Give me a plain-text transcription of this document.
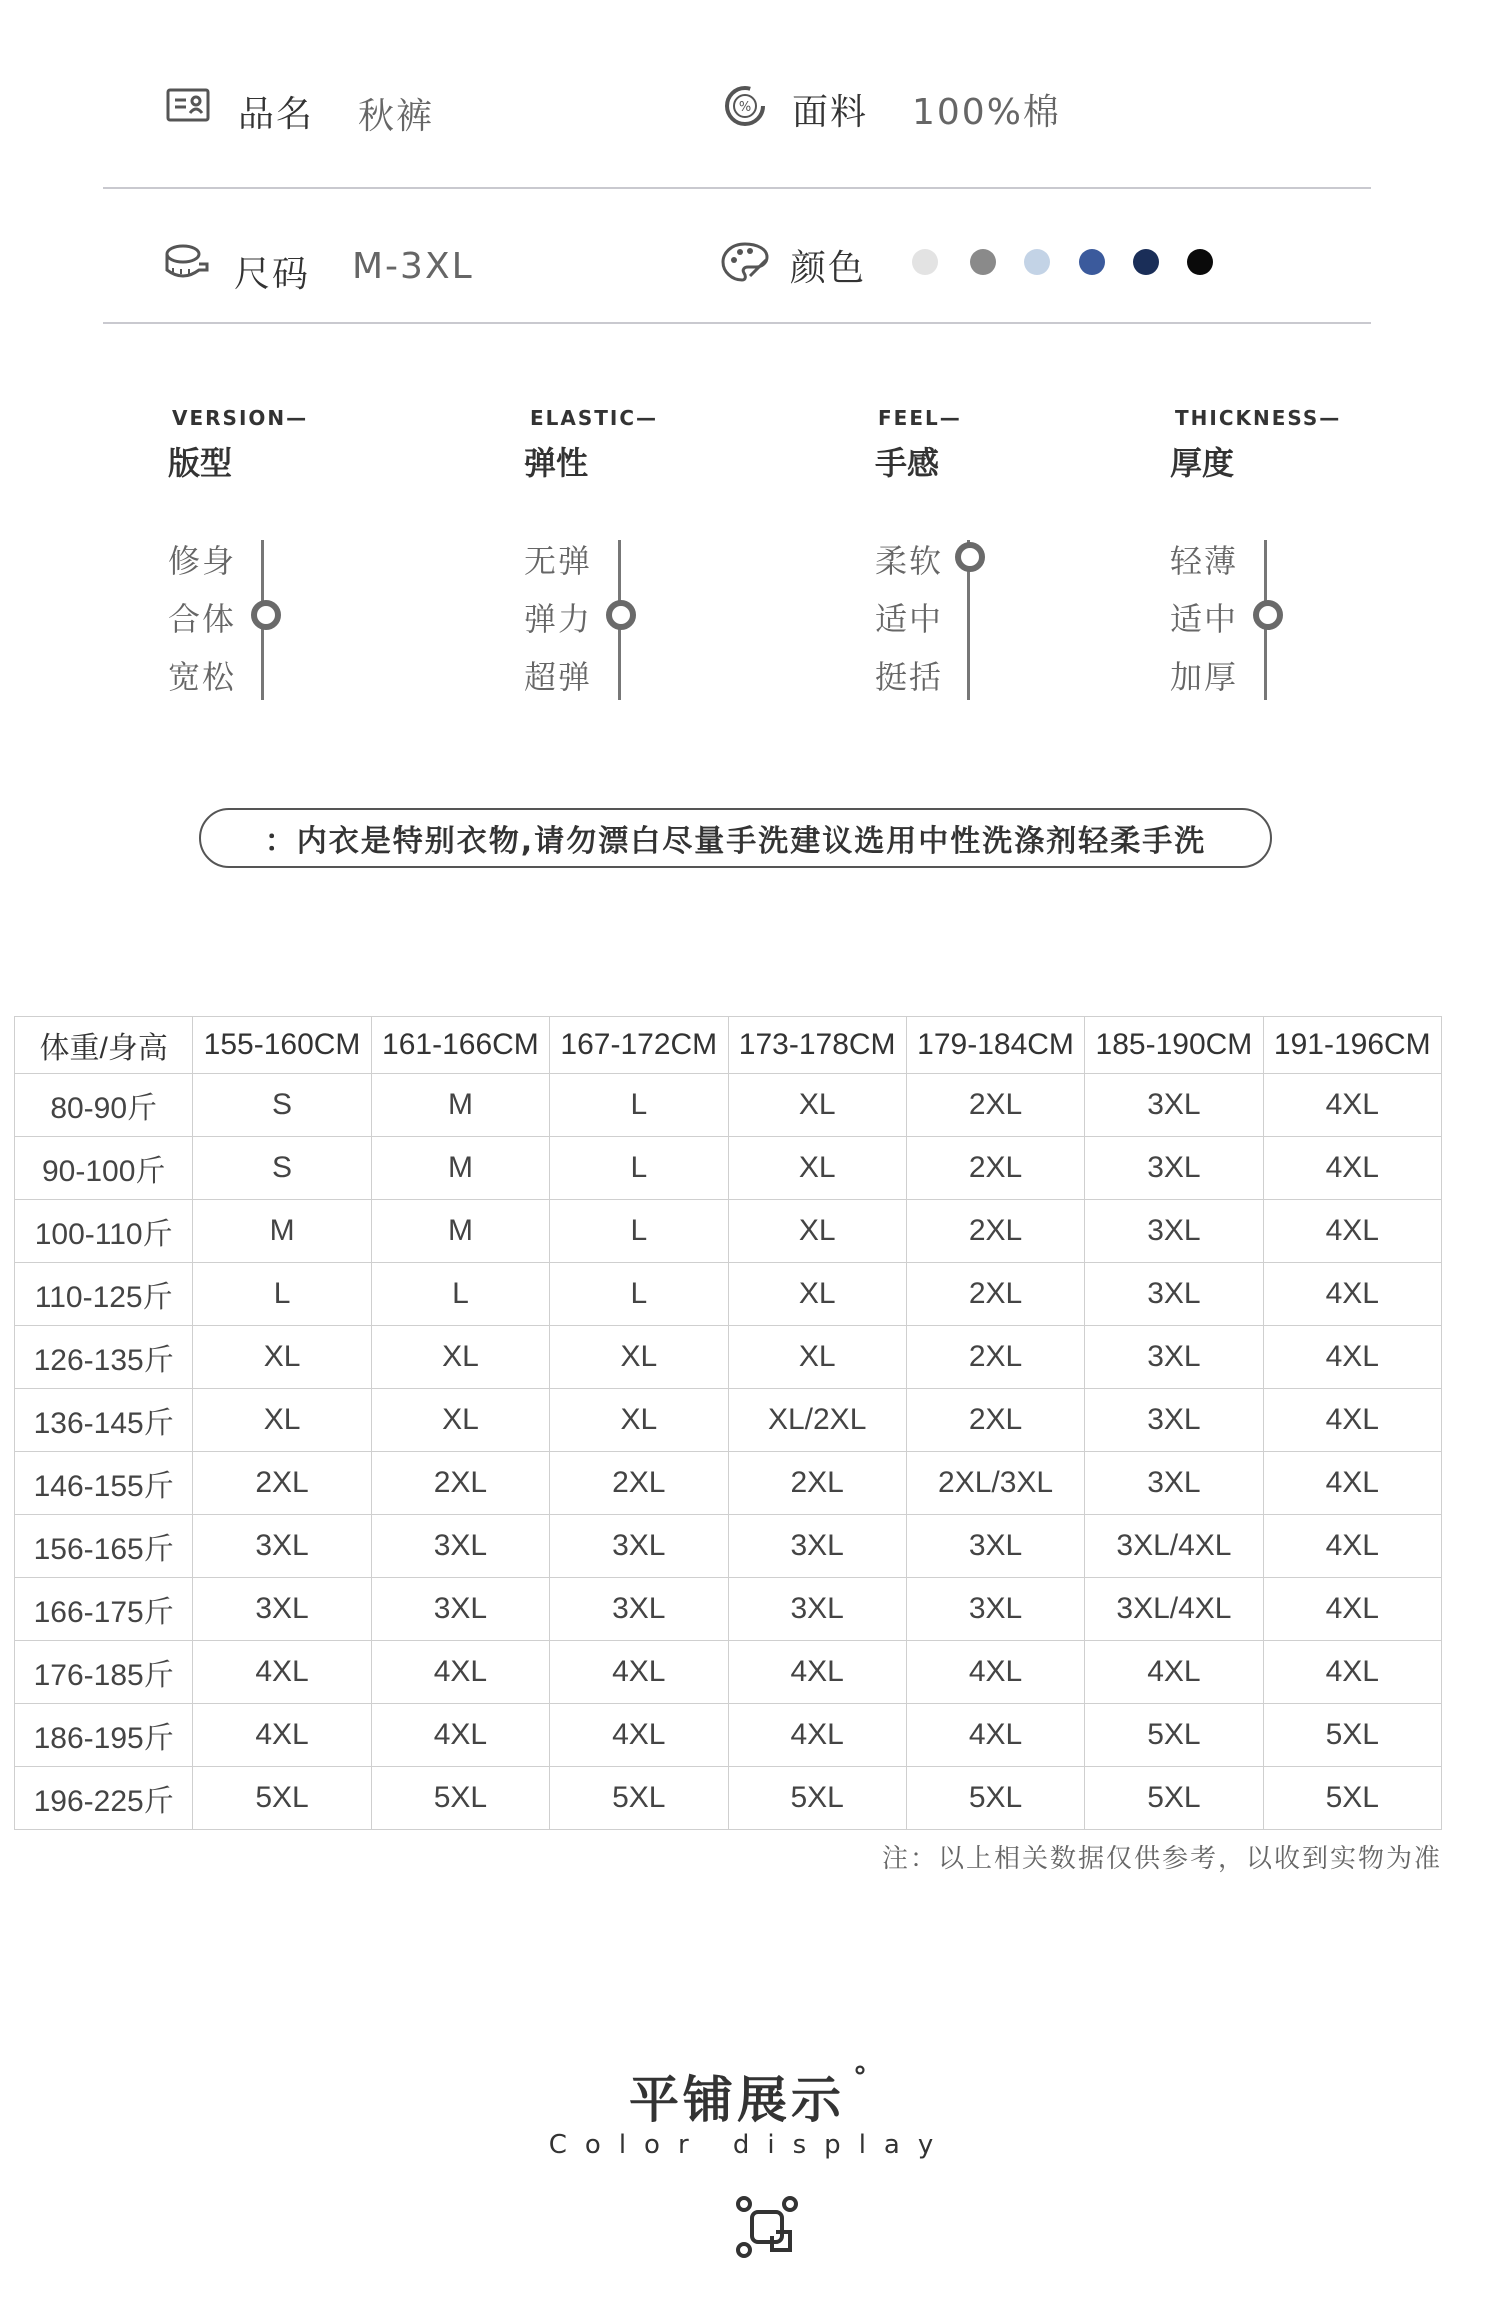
品名 秋裤	% 面料 100%棉
尺码 M-3XL	颜色
VERSION—
版型
修身
合体
宽松
ELASTIC—
弹性
无弹
弹力
超弹
FEEL—
手感
柔软
适中
挺括
THICKNESS—
厚度
轻薄
适中
加厚
：内衣是特别衣物,请勿漂白尽量手洗建议选用中性洗涤剂轻柔手洗
体重/身高	155-160CM	161-166CM	167-172CM	173-178CM	179-184CM	185-190CM	191-196CM
80-90斤	S	M	L	XL	2XL	3XL	4XL
90-100斤	S	M	L	XL	2XL	3XL	4XL
100-110斤	M	M	L	XL	2XL	3XL	4XL
110-125斤	L	L	L	XL	2XL	3XL	4XL
126-135斤	XL	XL	XL	XL	2XL	3XL	4XL
136-145斤	XL	XL	XL	XL/2XL	2XL	3XL	4XL
146-155斤	2XL	2XL	2XL	2XL	2XL/3XL	3XL	4XL
156-165斤	3XL	3XL	3XL	3XL	3XL	3XL/4XL	4XL
166-175斤	3XL	3XL	3XL	3XL	3XL	3XL/4XL	4XL
176-185斤	4XL	4XL	4XL	4XL	4XL	4XL	4XL
186-195斤	4XL	4XL	4XL	4XL	4XL	5XL	5XL
196-225斤	5XL	5XL	5XL	5XL	5XL	5XL	5XL
注：以上相关数据仅供参考，以收到实物为准
平铺展示 °
Color display
